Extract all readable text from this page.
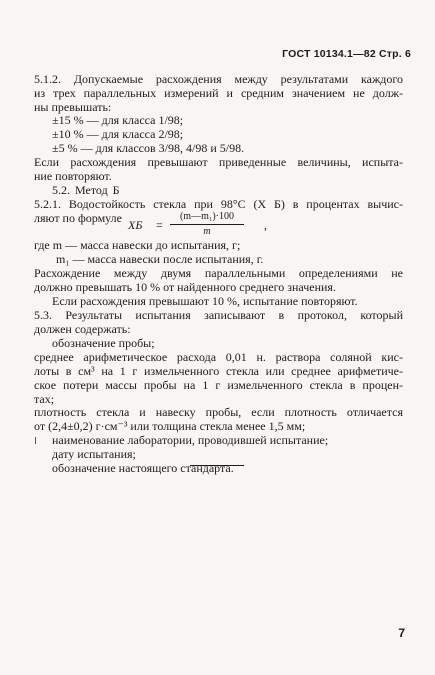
ГОСТ 10134.1—82 Стр. 6
5.1.2. Допускаемые расхождения между результатами каждого
из трех параллельных измерений и средним значением не долж-
ны превышать:
±15 % — для класса 1/98;
±10 % — для класса 2/98;
±5 % — для классов 3/98, 4/98 и 5/98.
Если расхождения превышают приведенные величины, испыта-
ние повторяют.
5.2. Метод Б
5.2.1. Водостойкость стекла при 98°С (X Б) в процентах вычис-
ляют по формуле XБ =
(m—m₁)·100
m	,
где m — масса навески до испытания, г;
m₁ — масса навески после испытания, г.
Расхождение между двумя параллельными определениями не
должно превышать 10 % от найденного среднего значения.
Если расхождения превышают 10 %, испытание повторяют.
5.3. Результаты испытания записывают в протокол, который
должен содержать:
обозначение пробы;
среднее арифметическое расхода 0,01 н. раствора соляной кис-
лоты в см³ на 1 г измельченного стекла или среднее арифметиче-
ское потери массы пробы на 1 г измельченного стекла в процен-
тах;
плотность стекла и навеску пробы, если плотность отличается
от (2,4±0,2) г·см⁻³ или толщина стекла менее 1,5 мм;
наименование лаборатории, проводившей испытание;
дату испытания;
обозначение настоящего стандарта.
7
